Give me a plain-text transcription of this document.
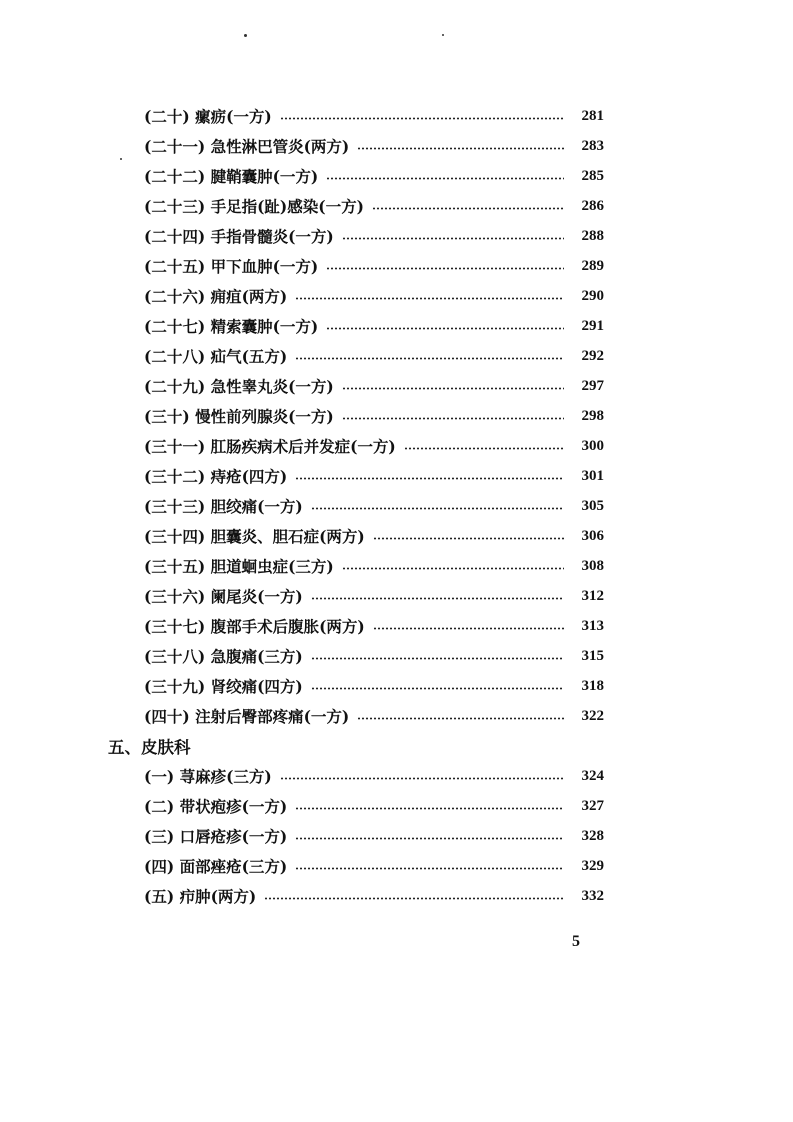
(二十) 瘰疬(一方)	281
(二十一) 急性淋巴管炎(两方)	283
(二十二) 腱鞘囊肿(一方)	285
(二十三) 手足指(趾)感染(一方)	286
(二十四) 手指骨髓炎(一方)	288
(二十五) 甲下血肿(一方)	289
(二十六) 痈疽(两方)	290
(二十七) 精索囊肿(一方)	291
(二十八) 疝气(五方)	292
(二十九) 急性睾丸炎(一方)	297
(三十) 慢性前列腺炎(一方)	298
(三十一) 肛肠疾病术后并发症(一方)	300
(三十二) 痔疮(四方)	301
(三十三) 胆绞痛(一方)	305
(三十四) 胆囊炎、胆石症(两方)	306
(三十五) 胆道蛔虫症(三方)	308
(三十六) 阑尾炎(一方)	312
(三十七) 腹部手术后腹胀(两方)	313
(三十八) 急腹痛(三方)	315
(三十九) 肾绞痛(四方)	318
(四十) 注射后臀部疼痛(一方)	322
(一) 荨麻疹(三方)	324
(二) 带状疱疹(一方)	327
(三) 口唇疮疹(一方)	328
(四) 面部痤疮(三方)	329
(五) 疖肿(两方)	332
五、皮肤科
5
